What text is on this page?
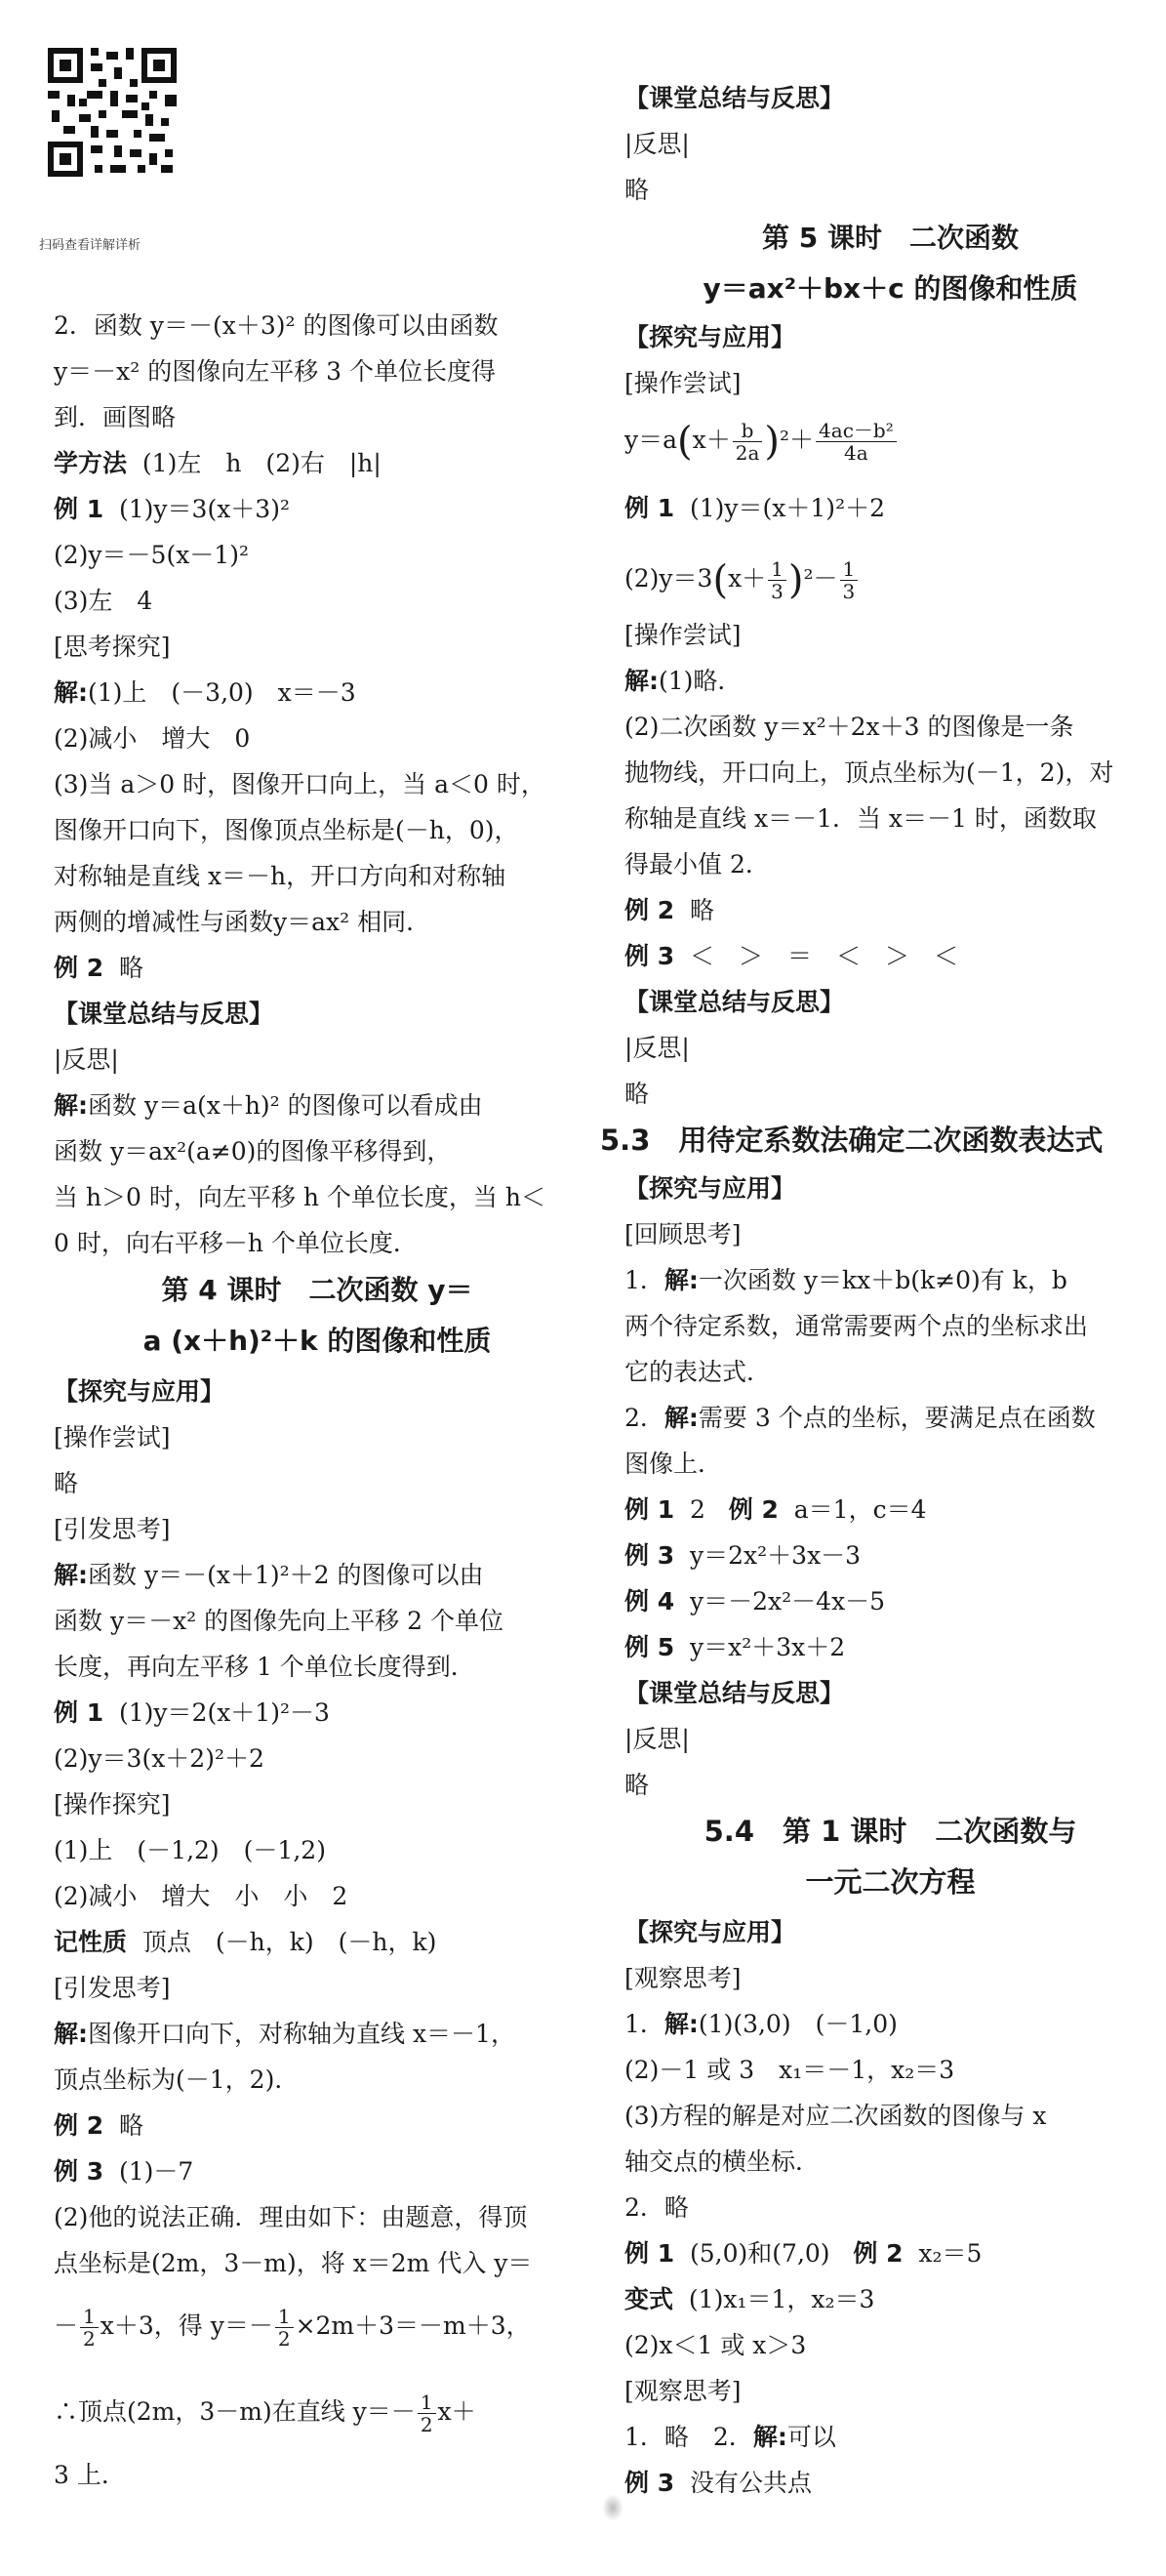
扫码查看详解详析
2．函数 y＝－(x＋3)² 的图像可以由函数
y＝－x² 的图像向左平移 3 个单位长度得
到．画图略
学方法 (1)左　h　(2)右　|h|
例 1 (1)y＝3(x＋3)²
(2)y＝－5(x－1)²
(3)左　4
[思考探究]
解:(1)上　(－3,0)　x＝－3
(2)减小　增大　0
(3)当 a＞0 时，图像开口向上，当 a＜0 时，
图像开口向下，图像顶点坐标是(－h，0)，
对称轴是直线 x＝－h，开口方向和对称轴
两侧的增减性与函数y＝ax² 相同．
例 2 略
【课堂总结与反思】
|反思|
解:函数 y＝a(x＋h)² 的图像可以看成由
函数 y＝ax²(a≠0)的图像平移得到，
当 h＞0 时，向左平移 h 个单位长度，当 h＜
0 时，向右平移－h 个单位长度．
第 4 课时　二次函数 y＝
a (x＋h)²＋k 的图像和性质
【探究与应用】
[操作尝试]
略
[引发思考]
解:函数 y＝－(x＋1)²＋2 的图像可以由
函数 y＝－x² 的图像先向上平移 2 个单位
长度，再向左平移 1 个单位长度得到．
例 1 (1)y＝2(x＋1)²－3
(2)y＝3(x＋2)²＋2
[操作探究]
(1)上　(－1,2)　(－1,2)
(2)减小　增大　小　小　2
记性质 顶点　(－h，k)　(－h，k)
[引发思考]
解:图像开口向下，对称轴为直线 x＝－1，
顶点坐标为(－1，2)．
例 2 略
例 3 (1)－7
(2)他的说法正确．理由如下：由题意，得顶
点坐标是(2m，3－m)，将 x＝2m 代入 y＝
－ $\frac{1}{2} x+3$，得 $y=- \frac{1}{2} \times 2m+3=-m+3$，
∴顶点(2m，3－m)在直线 $y=- \frac{1}{2} x+$
3 上．
【课堂总结与反思】
|反思|
略
第 5 课时　二次函数
y＝ax²＋bx＋c 的图像和性质
【探究与应用】
[操作尝试]
$y=a(x+ \frac{b}{2a} )^2+ \frac{\text{4ac－b²}}{4a}$
例 1 (1)y＝(x＋1)²＋2
$(2)y=3(x+ \frac{1}{3} )^2- \frac{1}{3}$
[操作尝试]
解:(1)略．
(2)二次函数 y＝x²＋2x＋3 的图像是一条
抛物线，开口向上，顶点坐标为(－1，2)，对
称轴是直线 x＝－1．当 x＝－1 时，函数取
得最小值 2．
例 2 略
例 3 ＜　＞　＝　＜　＞　＜
【课堂总结与反思】
|反思|
略
5.3　用待定系数法确定二次函数表达式
【探究与应用】
[回顾思考]
1．解:一次函数 y＝kx＋b(k≠0)有 k，b
两个待定系数，通常需要两个点的坐标求出
它的表达式．
2．解:需要 3 个点的坐标，要满足点在函数
图像上．
例 1 2 例 2 a＝1，c＝4
例 3 y＝2x²＋3x－3
例 4 y＝－2x²－4x－5
例 5 y＝x²＋3x＋2
【课堂总结与反思】
|反思|
略
5.4　第 1 课时　二次函数与
一元二次方程
【探究与应用】
[观察思考]
1．解:(1)(3,0)　(－1,0)
(2)－1 或 3　x₁＝－1，x₂＝3
(3)方程的解是对应二次函数的图像与 x
轴交点的横坐标．
2．略
例 1 (5,0)和(7,0) 例 2 x₂＝5
变式 (1)x₁＝1，x₂＝3
(2)x＜1 或 x＞3
[观察思考]
1．略　2．解:可以
例 3 没有公共点
